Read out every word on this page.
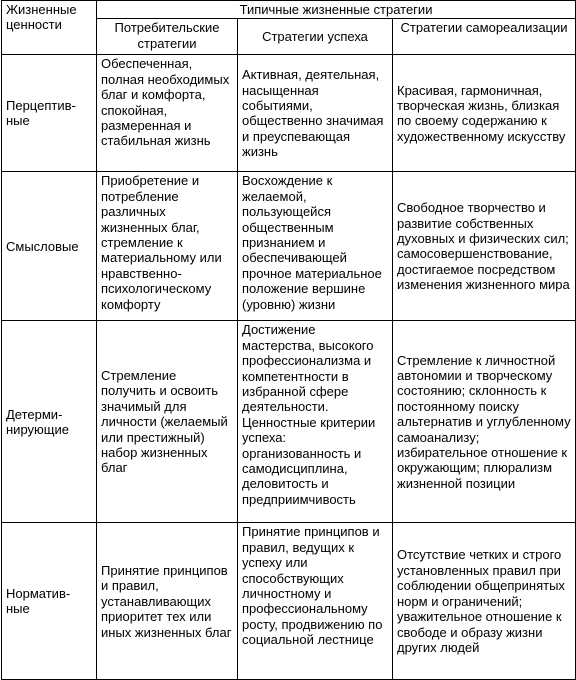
Жизненные ценности	Типичные жизненные стратегии		

	Потребительские стратегии	Стратегии успеха	Стратегии самореализации

Перцептив-ные	Обеспеченная, полная необходимых благ и комфорта, спокойная, размеренная и стабильная жизнь	Активная, деятельная, насыщенная событиями, общественно значимая и преуспевающая жизнь	Красивая, гармоничная, творческая жизнь, близкая по своему содержанию к художественному искусству

Смысловые	Приобретение и потребление различных жизненных благ, стремление к материальному или нравственно-психологическому комфорту	Восхождение к желаемой, пользующейся общественным признанием и обеспечивающей прочное материальное положение вершине (уровню) жизни	Свободное творчество и развитие собственных духовных и физических сил; самосовершенствование, достигаемое посредством изменения жизненного мира

Детерми-нирующие	Стремление получить и освоить значимый для личности (желаемый или престижный) набор жизненных благ	Достижение мастерства, высокого профессионализма и компетентности в избранной сфере деятельности. Ценностные критерии успеха: организованность и самодисциплина, деловитость и предприимчивость	Стремление к личностной автономии и творческому состоянию; склонность к постоянному поиску альтернатив и углубленному самоанализу; избирательное отношение к окружающим; плюрализм жизненной позиции

Норматив-ные	Принятие принципов и правил, устанавливающих приоритет тех или иных жизненных благ	Принятие принципов и правил, ведущих к успеху или способствующих личностному и профессиональному росту, продвижению по социальной лестнице	Отсутствие четких и строго установленных правил при соблюдении общепринятых норм и ограничений; уважительное отношение к свободе и образу жизни других людей
